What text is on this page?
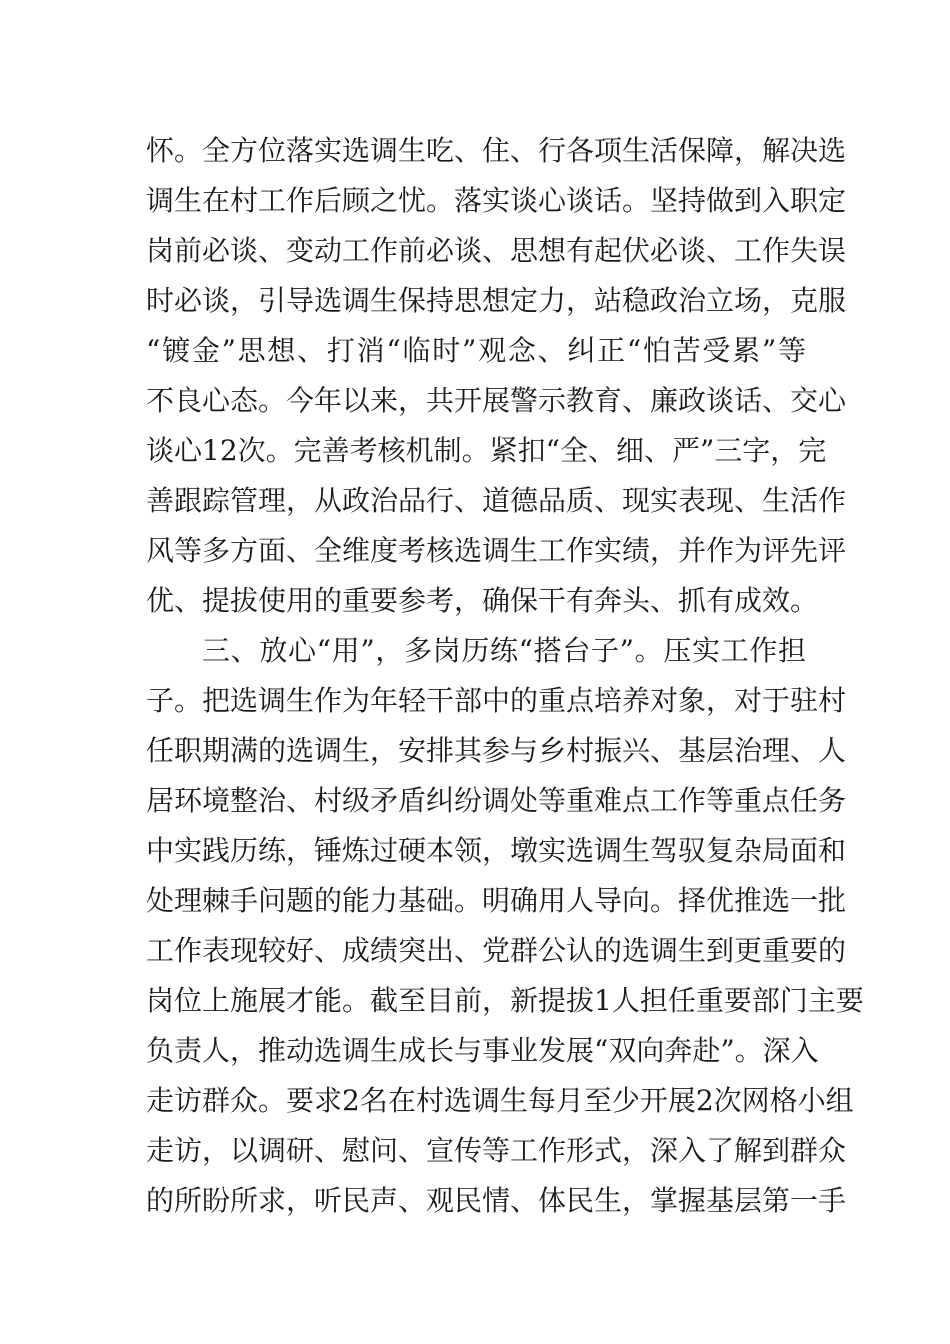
怀。全方位落实选调生吃、住、行各项生活保障，解决选
调生在村工作后顾之忧。落实谈心谈话。坚持做到入职定
岗前必谈、变动工作前必谈、思想有起伏必谈、工作失误
时必谈，引导选调生保持思想定力，站稳政治立场，克服
“镀金”思想、打消“临时”观念、纠正“怕苦受累”等
不良心态。今年以来，共开展警示教育、廉政谈话、交心
谈心12次。完善考核机制。紧扣“全、细、严”三字，完
善跟踪管理，从政治品行、道德品质、现实表现、生活作
风等多方面、全维度考核选调生工作实绩，并作为评先评
优、提拔使用的重要参考，确保干有奔头、抓有成效。
三、放心“用”，多岗历练“搭台子”。压实工作担
子。把选调生作为年轻干部中的重点培养对象，对于驻村
任职期满的选调生，安排其参与乡村振兴、基层治理、人
居环境整治、村级矛盾纠纷调处等重难点工作等重点任务
中实践历练，锤炼过硬本领，墩实选调生驾驭复杂局面和
处理棘手问题的能力基础。明确用人导向。择优推选一批
工作表现较好、成绩突出、党群公认的选调生到更重要的
岗位上施展才能。截至目前，新提拔1人担任重要部门主要
负责人，推动选调生成长与事业发展“双向奔赴”。深入
走访群众。要求2名在村选调生每月至少开展2次网格小组
走访，以调研、慰问、宣传等工作形式，深入了解到群众
的所盼所求，听民声、观民情、体民生，掌握基层第一手
